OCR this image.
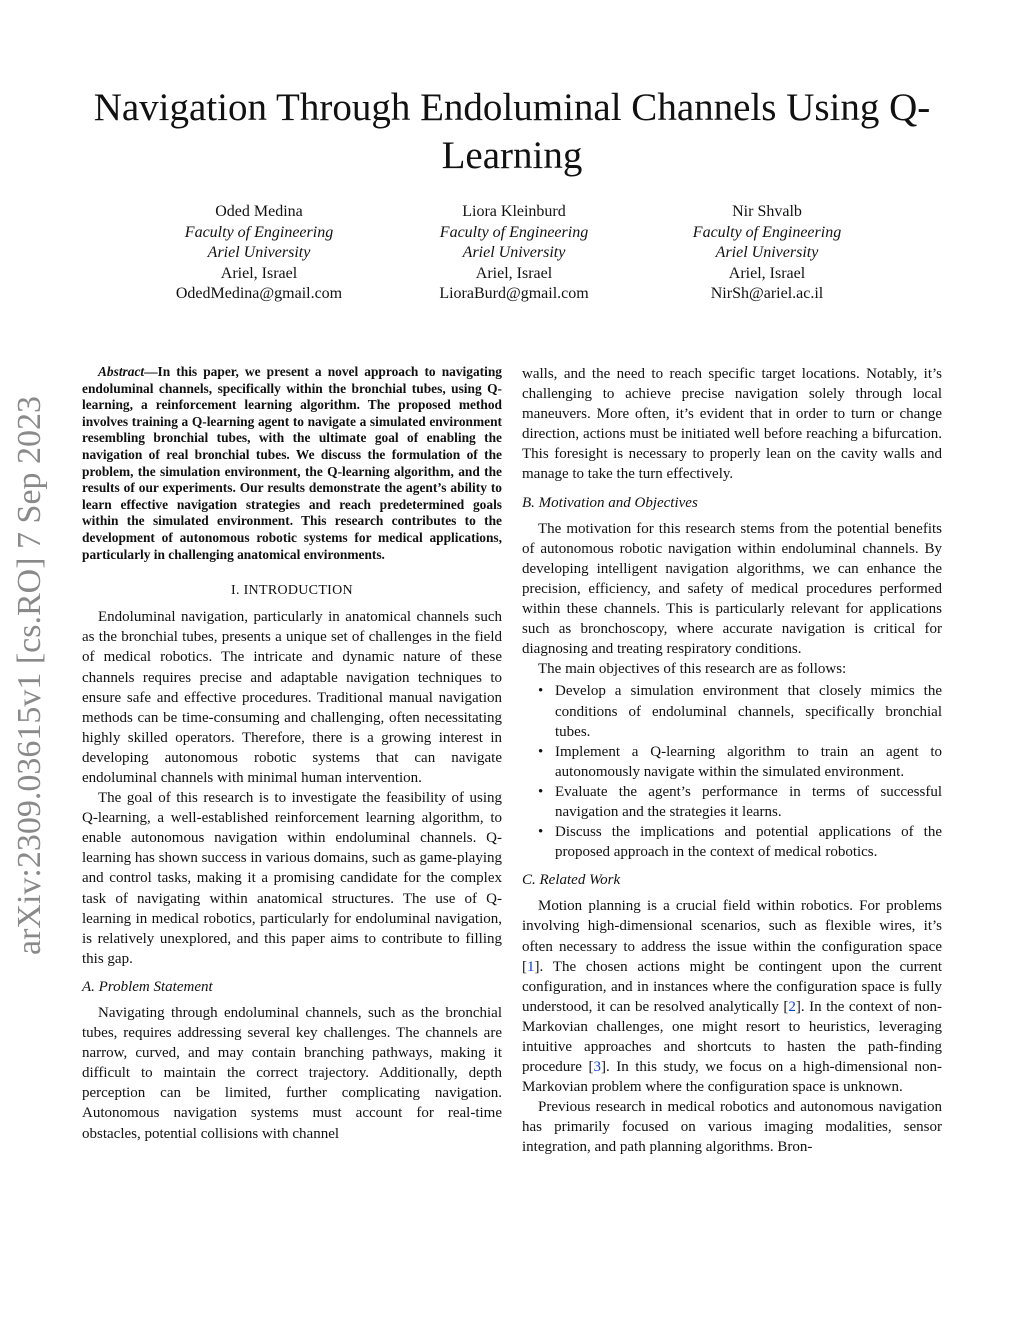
Navigation Through Endoluminal Channels Using Q-Learning
Oded Medina
Faculty of Engineering
Ariel University
Ariel, Israel
OdedMedina@gmail.com
Liora Kleinburd
Faculty of Engineering
Ariel University
Ariel, Israel
LioraBurd@gmail.com
Nir Shvalb
Faculty of Engineering
Ariel University
Ariel, Israel
NirSh@ariel.ac.il
arXiv:2309.03615v1 [cs.RO] 7 Sep 2023

Abstract—In this paper, we present a novel approach to navigating endoluminal channels, specifically within the bronchial tubes, using Q-learning, a reinforcement learning algorithm. The proposed method involves training a Q-learning agent to navigate a simulated environment resembling bronchial tubes, with the ultimate goal of enabling the navigation of real bronchial tubes. We discuss the formulation of the problem, the simulation environment, the Q-learning algorithm, and the results of our experiments. Our results demonstrate the agent’s ability to learn effective navigation strategies and reach predetermined goals within the simulated environment. This research contributes to the development of autonomous robotic systems for medical applications, particularly in challenging anatomical environments.

I. INTRODUCTION

Endoluminal navigation, particularly in anatomical channels such as the bronchial tubes, presents a unique set of challenges in the field of medical robotics. The intricate and dynamic nature of these channels requires precise and adaptable navigation techniques to ensure safe and effective procedures. Traditional manual navigation methods can be time-consuming and challenging, often necessitating highly skilled operators. Therefore, there is a growing interest in developing autonomous robotic systems that can navigate endoluminal channels with minimal human intervention.

The goal of this research is to investigate the feasibility of using Q-learning, a well-established reinforcement learning algorithm, to enable autonomous navigation within endoluminal channels. Q-learning has shown success in various domains, such as game-playing and control tasks, making it a promising candidate for the complex task of navigating within anatomical structures. The use of Q-learning in medical robotics, particularly for endoluminal navigation, is relatively unexplored, and this paper aims to contribute to filling this gap.

A. Problem Statement

Navigating through endoluminal channels, such as the bronchial tubes, requires addressing several key challenges. The channels are narrow, curved, and may contain branching pathways, making it difficult to maintain the correct trajectory. Additionally, depth perception can be limited, further complicating navigation. Autonomous navigation systems must account for real-time obstacles, potential collisions with channel

walls, and the need to reach specific target locations. Notably, it’s challenging to achieve precise navigation solely through local maneuvers. More often, it’s evident that in order to turn or change direction, actions must be initiated well before reaching a bifurcation. This foresight is necessary to properly lean on the cavity walls and manage to take the turn effectively.

B. Motivation and Objectives

The motivation for this research stems from the potential benefits of autonomous robotic navigation within endoluminal channels. By developing intelligent navigation algorithms, we can enhance the precision, efficiency, and safety of medical procedures performed within these channels. This is particularly relevant for applications such as bronchoscopy, where accurate navigation is critical for diagnosing and treating respiratory conditions.

The main objectives of this research are as follows:

• Develop a simulation environment that closely mimics the conditions of endoluminal channels, specifically bronchial tubes.
• Implement a Q-learning algorithm to train an agent to autonomously navigate within the simulated environment.
• Evaluate the agent’s performance in terms of successful navigation and the strategies it learns.
• Discuss the implications and potential applications of the proposed approach in the context of medical robotics.
C. Related Work

Motion planning is a crucial field within robotics. For problems involving high-dimensional scenarios, such as flexible wires, it’s often necessary to address the issue within the configuration space [1]. The chosen actions might be contingent upon the current configuration, and in instances where the configuration space is fully understood, it can be resolved analytically [2]. In the context of non-Markovian challenges, one might resort to heuristics, leveraging intuitive approaches and shortcuts to hasten the path-finding procedure [3]. In this study, we focus on a high-dimensional non-Markovian problem where the configuration space is unknown.

Previous research in medical robotics and autonomous navigation has primarily focused on various imaging modalities, sensor integration, and path planning algorithms. Bron-
